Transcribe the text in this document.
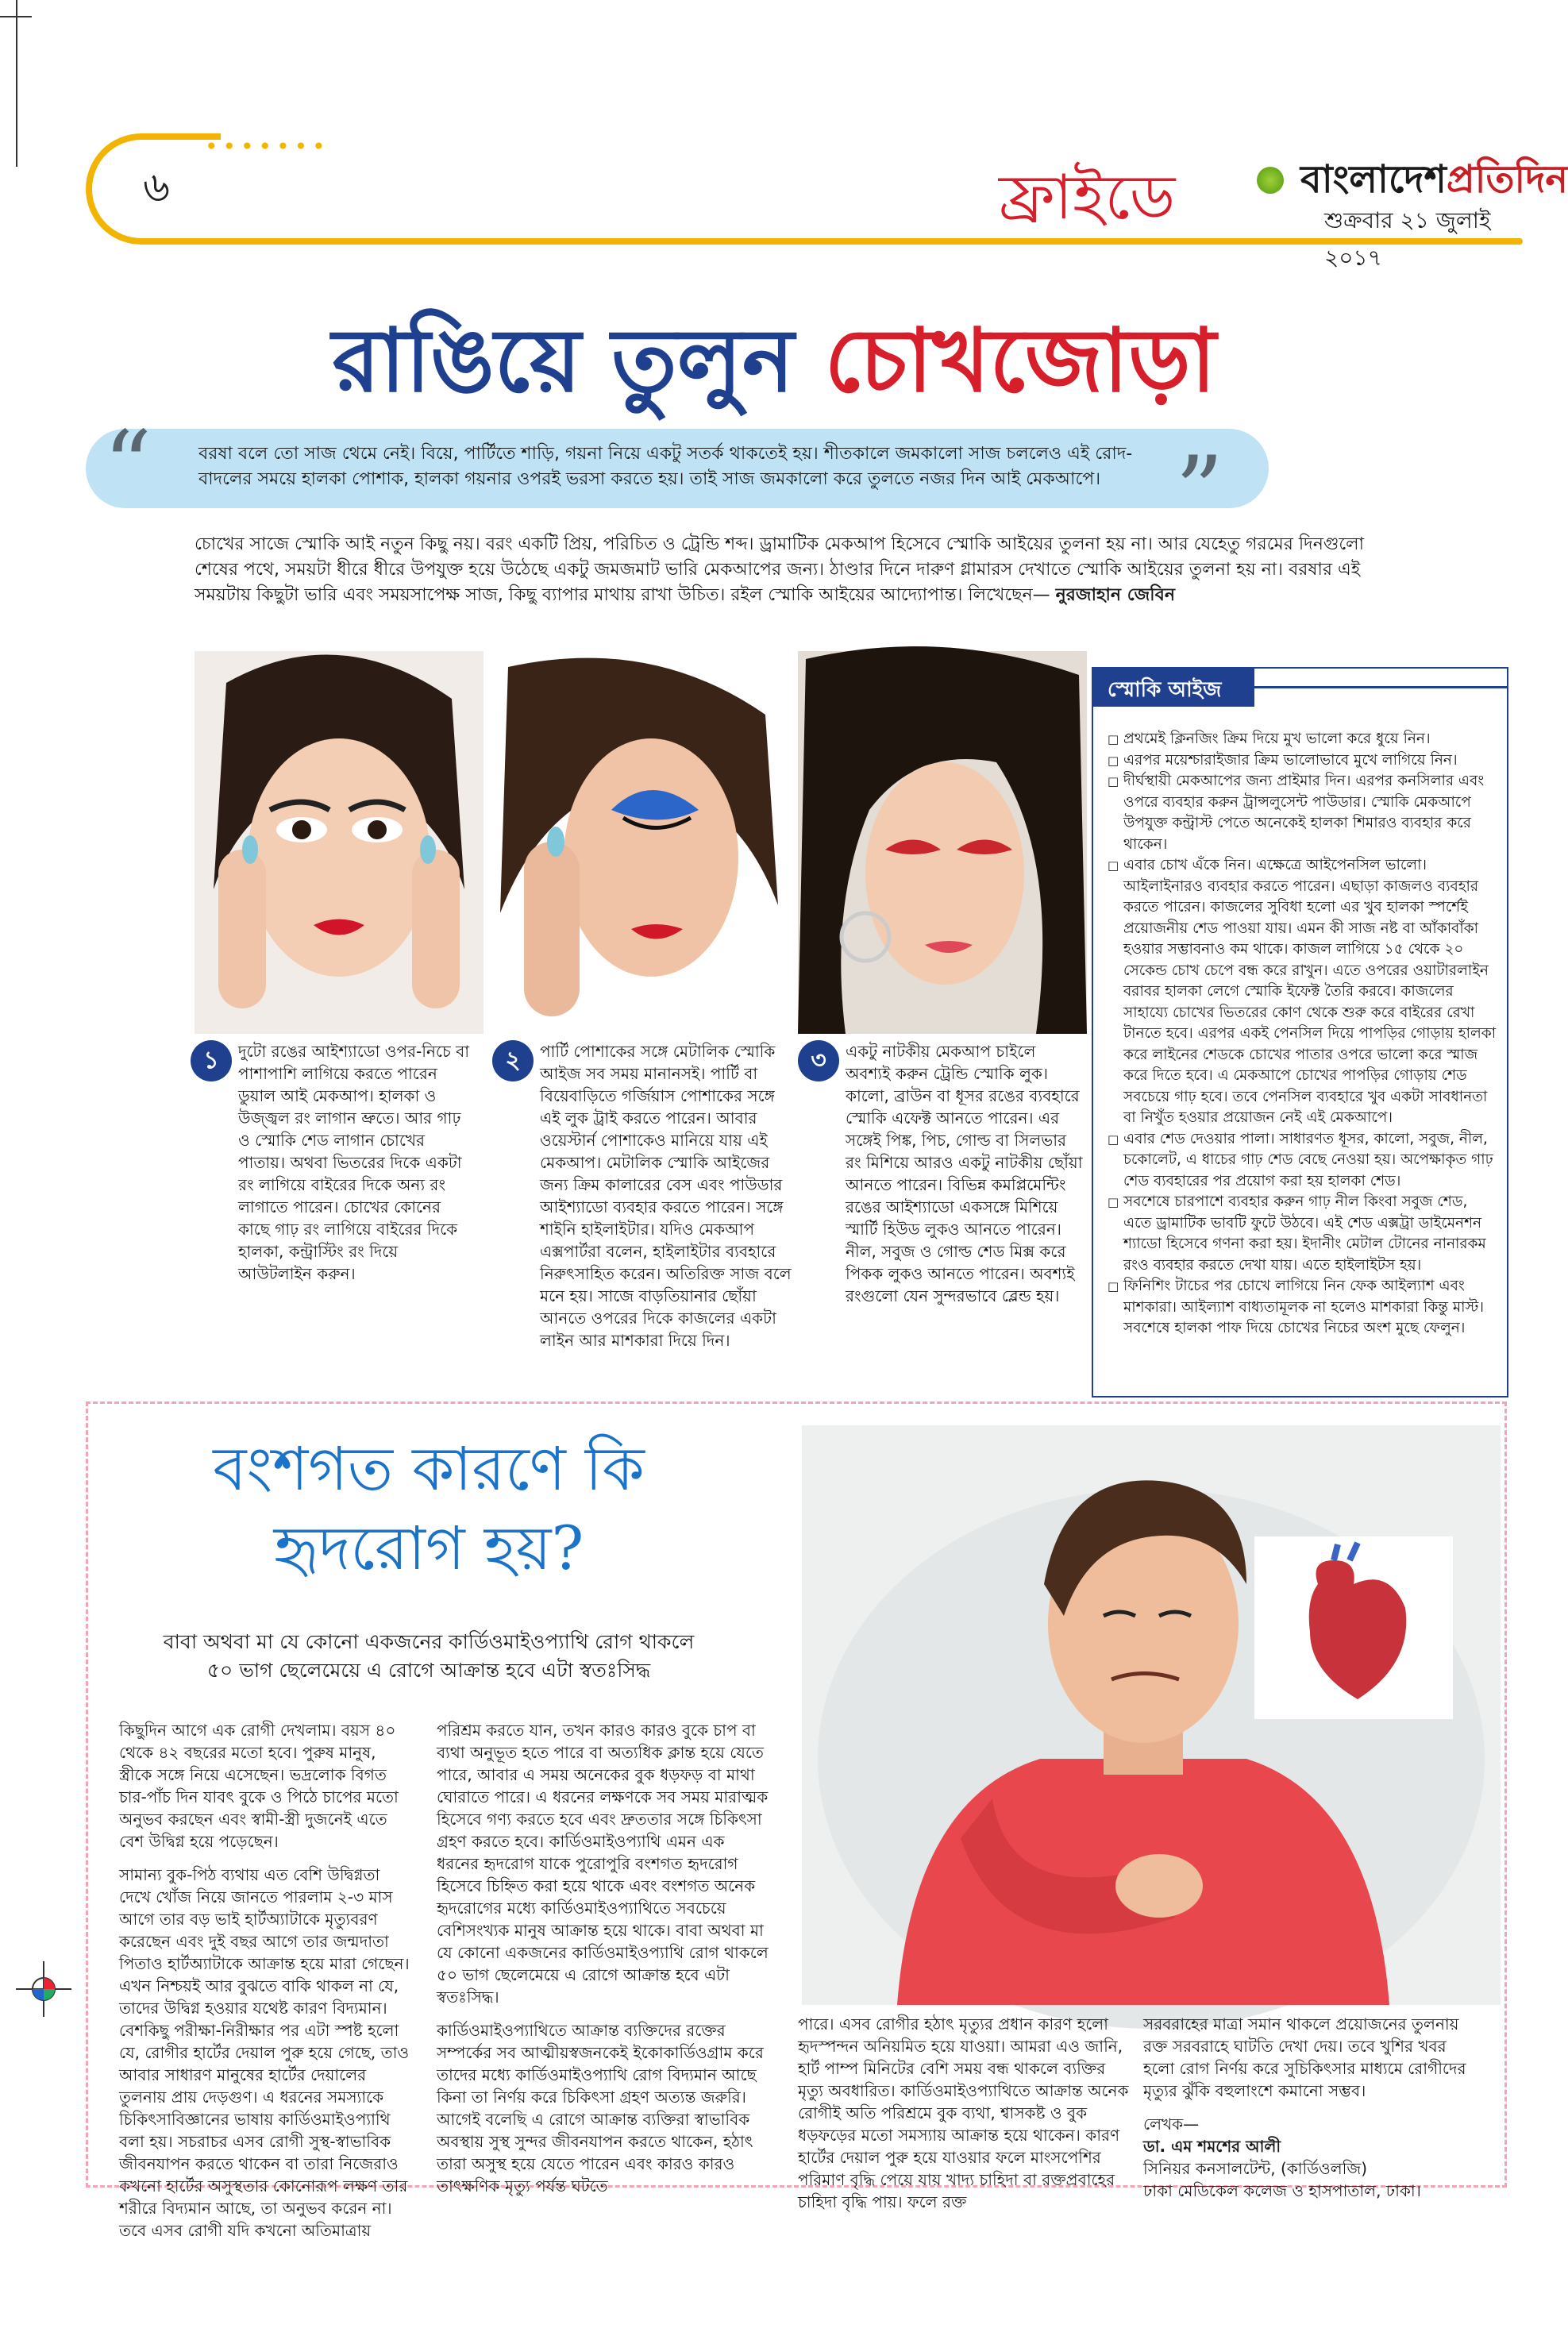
৬
•••••••
ফ্রাইডে	বাংলাদেশপ্রতিদিন
শুক্রবার ২১ জুলাই ২০১৭
রাঙিয়ে তুলুন চোখজোড়া
“	”
বরষা বলে তো সাজ থেমে নেই। বিয়ে, পার্টিতে শাড়ি, গয়না নিয়ে একটু সতর্ক থাকতেই হয়। শীতকালে জমকালো সাজ চললেও এই রোদ-বাদলের সময়ে হালকা পোশাক, হালকা গয়নার ওপরই ভরসা করতে হয়। তাই সাজ জমকালো করে তুলতে নজর দিন আই মেকআপে।
চোখের সাজে স্মোকি আই নতুন কিছু নয়। বরং একটি প্রিয়, পরিচিত ও ট্রেন্ডি শব্দ। ড্রামাটিক মেকআপ হিসেবে স্মোকি আইয়ের তুলনা হয় না। আর যেহেতু গরমের দিনগুলো শেষের পথে, সময়টা ধীরে ধীরে উপযুক্ত হয়ে উঠেছে একটু জমজমাট ভারি মেকআপের জন্য। ঠাণ্ডার দিনে দারুণ গ্লামারস দেখাতে স্মোকি আইয়ের তুলনা হয় না। বরষার এই সময়টায় কিছুটা ভারি এবং সময়সাপেক্ষ সাজ, কিছু ব্যাপার মাথায় রাখা উচিত। রইল স্মোকি আইয়ের আদ্যোপান্ত। লিখেছেন— নুরজাহান জেবিন
১	দুটো রঙের আইশ্যাডো ওপর-নিচে বা পাশাপাশি লাগিয়ে করতে পারেন ডুয়াল আই মেকআপ। হালকা ও উজ্জ্বল রং লাগান ভ্রুতে। আর গাঢ় ও স্মোকি শেড লাগান চোখের পাতায়। অথবা ভিতরের দিকে একটা রং লাগিয়ে বাইরের দিকে অন্য রং লাগাতে পারেন। চোখের কোনের কাছে গাঢ় রং লাগিয়ে বাইরের দিকে হালকা, কন্ট্রাস্টিং রং দিয়ে আউটলাইন করুন।
২	পার্টি পোশাকের সঙ্গে মেটালিক স্মোকি আইজ সব সময় মানানসই। পার্টি বা বিয়েবাড়িতে গর্জিয়াস পোশাকের সঙ্গে এই লুক ট্রাই করতে পারেন। আবার ওয়েস্টার্ন পোশাকেও মানিয়ে যায় এই মেকআপ। মেটালিক স্মোকি আইজের জন্য ক্রিম কালারের বেস এবং পাউডার আইশ্যাডো ব্যবহার করতে পারেন। সঙ্গে শাইনি হাইলাইটার। যদিও মেকআপ এক্সপার্টরা বলেন, হাইলাইটার ব্যবহারে নিরুৎসাহিত করেন। অতিরিক্ত সাজ বলে মনে হয়। সাজে বাড়তিয়ানার ছোঁয়া আনতে ওপরের দিকে কাজলের একটা লাইন আর মাশকারা দিয়ে দিন।
৩	একটু নাটকীয় মেকআপ চাইলে অবশ্যই করুন ট্রেন্ডি স্মোকি লুক। কালো, ব্রাউন বা ধূসর রঙের ব্যবহারে স্মোকি এফেক্ট আনতে পারেন। এর সঙ্গেই পিঙ্ক, পিচ, গোল্ড বা সিলভার রং মিশিয়ে আরও একটু নাটকীয় ছোঁয়া আনতে পারেন। বিভিন্ন কমপ্লিমেন্টিং রঙের আইশ্যাডো একসঙ্গে মিশিয়ে স্মার্টি হিউড লুকও আনতে পারেন। নীল, সবুজ ও গোল্ড শেড মিক্স করে পিকক লুকও আনতে পারেন। অবশ্যই রংগুলো যেন সুন্দরভাবে ব্লেন্ড হয়।
স্মোকি আইজ
□ প্রথমেই ক্লিনজিং ক্রিম দিয়ে মুখ ভালো করে ধুয়ে নিন।
□ এরপর ময়েশ্চারাইজার ক্রিম ভালোভাবে মুখে লাগিয়ে নিন।
□ দীর্ঘস্থায়ী মেকআপের জন্য প্রাইমার দিন। এরপর কনসিলার এবং ওপরে ব্যবহার করুন ট্রান্সলুসেন্ট পাউডার। স্মোকি মেকআপে উপযুক্ত কন্ট্রাস্ট পেতে অনেকেই হালকা শিমারও ব্যবহার করে থাকেন।
□ এবার চোখ এঁকে নিন। এক্ষেত্রে আইপেনসিল ভালো। আইলাইনারও ব্যবহার করতে পারেন। এছাড়া কাজলও ব্যবহার করতে পারেন। কাজলের সুবিধা হলো এর খুব হালকা স্পর্শেই প্রয়োজনীয় শেড পাওয়া যায়। এমন কী সাজ নষ্ট বা আঁকাবাঁকা হওয়ার সম্ভাবনাও কম থাকে। কাজল লাগিয়ে ১৫ থেকে ২০ সেকেন্ড চোখ চেপে বন্ধ করে রাখুন। এতে ওপরের ওয়াটারলাইন বরাবর হালকা লেগে স্মোকি ইফেক্ট তৈরি করবে। কাজলের সাহায্যে চোখের ভিতরের কোণ থেকে শুরু করে বাইরের রেখা টানতে হবে। এরপর একই পেনসিল দিয়ে পাপড়ির গোড়ায় হালকা করে লাইনের শেডকে চোখের পাতার ওপরে ভালো করে স্মাজ করে দিতে হবে। এ মেকআপে চোখের পাপড়ির গোড়ায় শেড সবচেয়ে গাঢ় হবে। তবে পেনসিল ব্যবহারে খুব একটা সাবধানতা বা নিখুঁত হওয়ার প্রয়োজন নেই এই মেকআপে।
□ এবার শেড দেওয়ার পালা। সাধারণত ধূসর, কালো, সবুজ, নীল, চকোলেট, এ ধাচের গাঢ় শেড বেছে নেওয়া হয়। অপেক্ষাকৃত গাঢ় শেড ব্যবহারের পর প্রয়োগ করা হয় হালকা শেড।
□ সবশেষে চারপাশে ব্যবহার করুন গাঢ় নীল কিংবা সবুজ শেড, এতে ড্রামাটিক ভাবটি ফুটে উঠবে। এই শেড এক্সট্রা ডাইমেনশন শ্যাডো হিসেবে গণনা করা হয়। ইদানীং মেটাল টোনের নানারকম রংও ব্যবহার করতে দেখা যায়। এতে হাইলাইটস হয়।
□ ফিনিশিং টাচের পর চোখে লাগিয়ে নিন ফেক আইল্যাশ এবং মাশকারা। আইল্যাশ বাধ্যতামূলক না হলেও মাশকারা কিন্তু মাস্ট। সবশেষে হালকা পাফ দিয়ে চোখের নিচের অংশ মুছে ফেলুন।
বংশগত কারণে কি
হৃদরোগ হয়?
বাবা অথবা মা যে কোনো একজনের কার্ডিওমাইওপ্যাথি রোগ থাকলে ৫০ ভাগ ছেলেমেয়ে এ রোগে আক্রান্ত হবে এটা স্বতঃসিদ্ধ

কিছুদিন আগে এক রোগী দেখলাম। বয়স ৪০ থেকে ৪২ বছরের মতো হবে। পুরুষ মানুষ, স্ত্রীকে সঙ্গে নিয়ে এসেছেন। ভদ্রলোক বিগত চার-পাঁচ দিন যাবৎ বুকে ও পিঠে চাপের মতো অনুভব করছেন এবং স্বামী-স্ত্রী দুজনেই এতে বেশ উদ্বিগ্ন হয়ে পড়েছেন।

সামান্য বুক-পিঠ ব্যথায় এত বেশি উদ্বিগ্নতা দেখে খোঁজ নিয়ে জানতে পারলাম ২-৩ মাস আগে তার বড় ভাই হার্টঅ্যাটাকে মৃত্যুবরণ করেছেন এবং দুই বছর আগে তার জন্মদাতা পিতাও হার্টঅ্যাটাকে আক্রান্ত হয়ে মারা গেছেন। এখন নিশ্চয়ই আর বুঝতে বাকি থাকল না যে, তাদের উদ্বিগ্ন হওয়ার যথেষ্ট কারণ বিদ্যমান। বেশকিছু পরীক্ষা-নিরীক্ষার পর এটা স্পষ্ট হলো যে, রোগীর হার্টের দেয়াল পুরু হয়ে গেছে, তাও আবার সাধারণ মানুষের হার্টের দেয়ালের তুলনায় প্রায় দেড়গুণ। এ ধরনের সমস্যাকে চিকিৎসাবিজ্ঞানের ভাষায় কার্ডিওমাইওপ্যাথি বলা হয়। সচরাচর এসব রোগী সুস্থ-স্বাভাবিক জীবনযাপন করতে থাকেন বা তারা নিজেরাও কখনো হার্টের অসুস্থতার কোনোরূপ লক্ষণ তার শরীরে বিদ্যমান আছে, তা অনুভব করেন না। তবে এসব রোগী যদি কখনো অতিমাত্রায়

পরিশ্রম করতে যান, তখন কারও কারও বুকে চাপ বা ব্যথা অনুভূত হতে পারে বা অত্যধিক ক্লান্ত হয়ে যেতে পারে, আবার এ সময় অনেকের বুক ধড়ফড় বা মাথা ঘোরাতে পারে। এ ধরনের লক্ষণকে সব সময় মারাত্মক হিসেবে গণ্য করতে হবে এবং দ্রুততার সঙ্গে চিকিৎসা গ্রহণ করতে হবে। কার্ডিওমাইওপ্যাথি এমন এক ধরনের হৃদরোগ যাকে পুরোপুরি বংশগত হৃদরোগ হিসেবে চিহ্নিত করা হয়ে থাকে এবং বংশগত অনেক হৃদরোগের মধ্যে কার্ডিওমাইওপ্যাথিতে সবচেয়ে বেশিসংখ্যক মানুষ আক্রান্ত হয়ে থাকে। বাবা অথবা মা যে কোনো একজনের কার্ডিওমাইওপ্যাথি রোগ থাকলে ৫০ ভাগ ছেলেমেয়ে এ রোগে আক্রান্ত হবে এটা স্বতঃসিদ্ধ।

কার্ডিওমাইওপ্যাথিতে আক্রান্ত ব্যক্তিদের রক্তের সম্পর্কের সব আত্মীয়স্বজনকেই ইকোকার্ডিওগ্রাম করে তাদের মধ্যে কার্ডিওমাইওপ্যাথি রোগ বিদ্যমান আছে কিনা তা নির্ণয় করে চিকিৎসা গ্রহণ অত্যন্ত জরুরি। আগেই বলেছি এ রোগে আক্রান্ত ব্যক্তিরা স্বাভাবিক অবস্থায় সুস্থ সুন্দর জীবনযাপন করতে থাকেন, হঠাৎ তারা অসুস্থ হয়ে যেতে পারেন এবং কারও কারও তাৎক্ষণিক মৃত্যু পর্যন্ত ঘটতে

পারে। এসব রোগীর হঠাৎ মৃত্যুর প্রধান কারণ হলো হৃদস্পন্দন অনিয়মিত হয়ে যাওয়া। আমরা এও জানি, হার্ট পাম্প মিনিটের বেশি সময় বন্ধ থাকলে ব্যক্তির মৃত্যু অবধারিত। কার্ডিওমাইওপ্যাথিতে আক্রান্ত অনেক রোগীই অতি পরিশ্রমে বুক ব্যথা, শ্বাসকষ্ট ও বুক ধড়ফড়ের মতো সমস্যায় আক্রান্ত হয়ে থাকেন। কারণ হার্টের দেয়াল পুরু হয়ে যাওয়ার ফলে মাংসপেশির পরিমাণ বৃদ্ধি পেয়ে যায় খাদ্য চাহিদা বা রক্তপ্রবাহের চাহিদা বৃদ্ধি পায়। ফলে রক্ত

সরবরাহের মাত্রা সমান থাকলে প্রয়োজনের তুলনায় রক্ত সরবরাহে ঘাটতি দেখা দেয়। তবে খুশির খবর হলো রোগ নির্ণয় করে সুচিকিৎসার মাধ্যমে রোগীদের মৃত্যুর ঝুঁকি বহুলাংশে কমানো সম্ভব।

লেখক—
ডা. এম শমশের আলী
সিনিয়র কনসালটেন্ট, (কার্ডিওলজি)
ঢাকা মেডিকেল কলেজ ও হাসপাতাল, ঢাকা।
